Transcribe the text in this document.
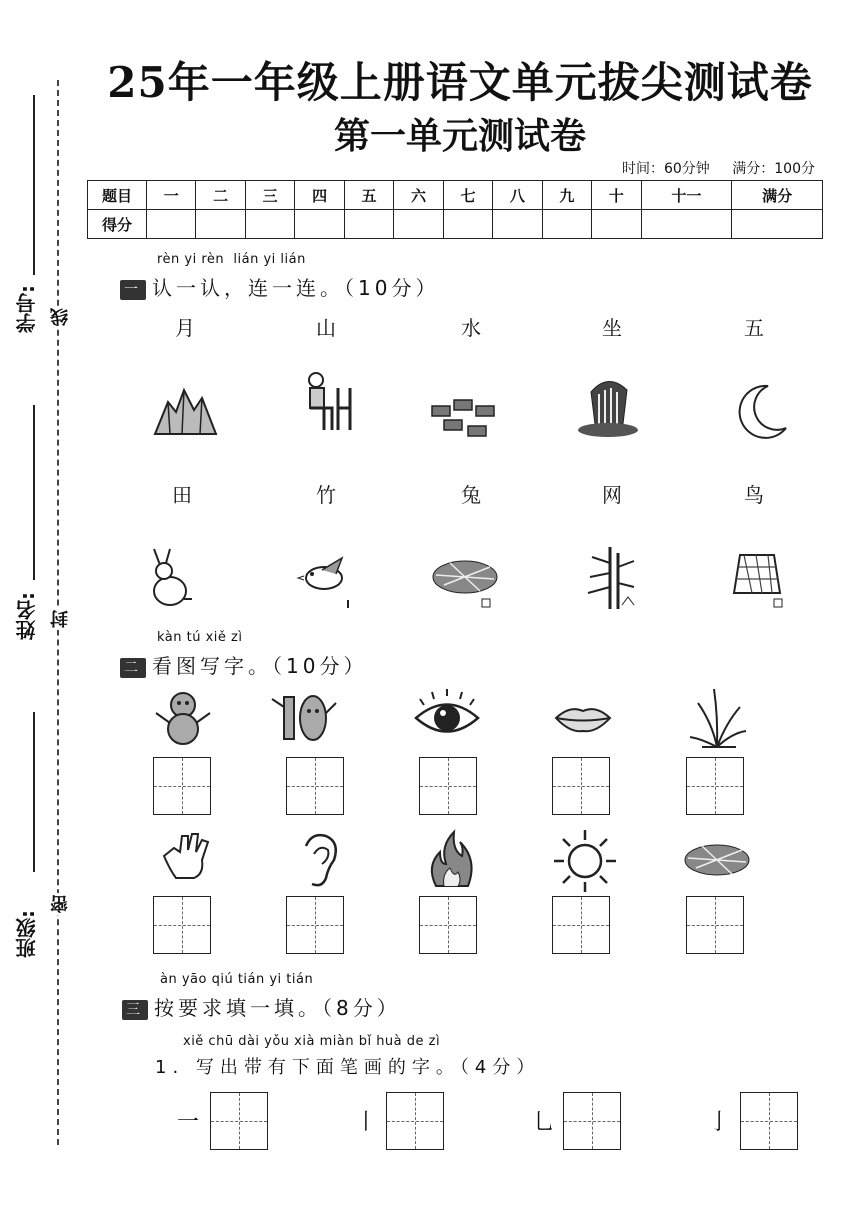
学号:
姓名:
班级:
线
封
密
25年一年级上册语文单元拔尖测试卷
第一单元测试卷
时间：60分钟 满分：100分
题目	一	二	三	四	五	六	七	八	九	十	十一	满分
得分												
rèn yi rèn  lián yi lián
一 认一认，连一连。（10分）
月	山	水	坐	五
田	竹	兔	网	鸟
kàn tú xiě zì
二 看图写字。（10分）
àn yāo qiú tián yi tián
三 按要求填一填。（8分）
xiě chū dài yǒu xià miàn bǐ huà de zì
1. 写出带有下面笔画的字。（4分）
一	丨	乚	亅
